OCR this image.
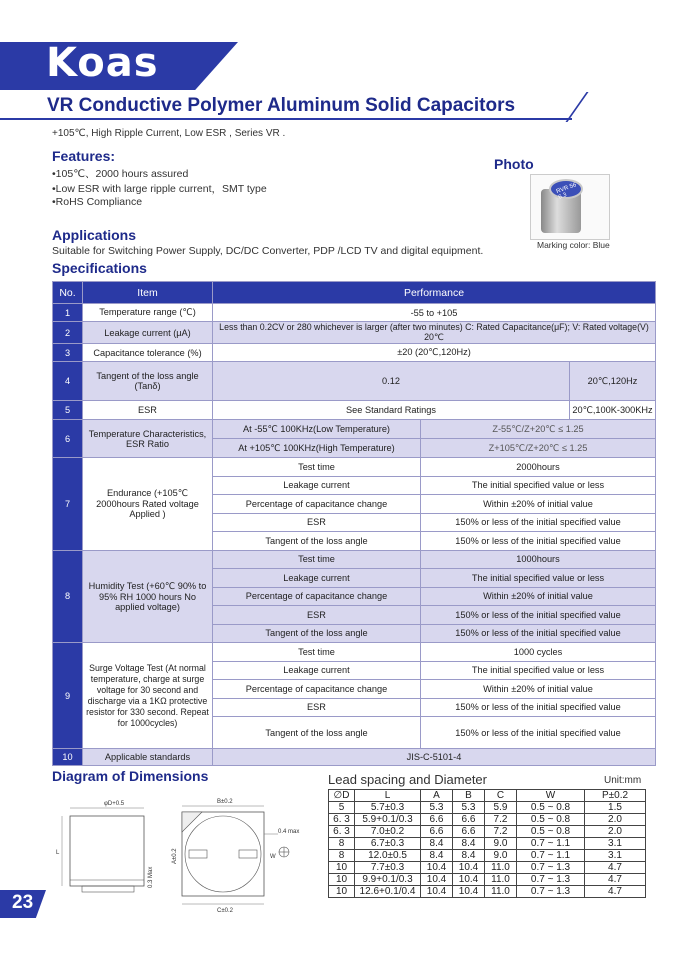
Koas
VR Conductive Polymer Aluminum Solid Capacitors
+105℃, High Ripple Current, Low ESR , Series VR .
Features:
•105℃、2000 hours assured
•Low ESR with large ripple current，SMT type
•RoHS Compliance
Photo
RVR 56 6.3
Marking color: Blue
Applications
Suitable for Switching Power Supply, DC/DC Converter, PDP /LCD TV and digital equipment.
Specifications
No.	Item	Performance		
1	Temperature range (℃)	-55 to +105		
2	Leakage current (μA)	Less than 0.2CV or 280 whichever is larger (after two minutes) C: Rated Capacitance(μF); V: Rated voltage(V) 20℃		
3	Capacitance tolerance (%)	±20 (20℃,120Hz)		
4	Tangent of the loss angle (Tanδ)	0.12		20℃,120Hz
5	ESR	See Standard Ratings		20℃,100K-300KHz
6	Temperature Characteristics, ESR Ratio	At -55℃ 100KHz(Low Temperature)	Z-55℃/Z+20℃ ≤ 1.25	
		At +105℃ 100KHz(High Temperature)	Z+105℃/Z+20℃ ≤ 1.25	
7	Endurance (+105℃ 2000hours Rated voltage Applied )	Test time	2000hours	
		Leakage current	The initial specified value or less	
		Percentage of capacitance change	Within ±20% of initial value	
		ESR	150% or less of the initial specified value	
		Tangent of the loss angle	150% or less of the initial specified value	
8	Humidity Test (+60℃ 90% to 95% RH 1000 hours No applied voltage)	Test time	1000hours	
		Leakage current	The initial specified value or less	
		Percentage of capacitance change	Within ±20% of initial value	
		ESR	150% or less of the initial specified value	
		Tangent of the loss angle	150% or less of the initial specified value	
9	Surge Voltage Test (At normal temperature, charge at surge voltage for 30 second and discharge via a 1KΩ protective resistor for 330 second. Repeat for 1000cycles)	Test time	1000 cycles	
		Leakage current	The initial specified value or less	
		Percentage of capacitance change	Within ±20% of initial value	
		ESR	150% or less of the initial specified value	
		Tangent of the loss angle	150% or less of the initial specified value	
10	Applicable standards	JIS-C-5101-4		
Diagram of Dimensions
φD+0.5
L
0.3 Max
B±0.2
C±0.2
A±0.2	W
0.4 max
Lead spacing and Diameter	Unit:mm
∅D	L	A	B	C	W	P±0.2
5	5.7±0.3	5.3	5.3	5.9	0.5 ~ 0.8	1.5
6. 3	5.9+0.1/0.3	6.6	6.6	7.2	0.5 ~ 0.8	2.0
6. 3	7.0±0.2	6.6	6.6	7.2	0.5 ~ 0.8	2.0
8	6.7±0.3	8.4	8.4	9.0	0.7 ~ 1.1	3.1
8	12.0±0.5	8.4	8.4	9.0	0.7 ~ 1.1	3.1
10	7.7±0.3	10.4	10.4	11.0	0.7 ~ 1.3	4.7
10	9.9+0.1/0.3	10.4	10.4	11.0	0.7 ~ 1.3	4.7
10	12.6+0.1/0.4	10.4	10.4	11.0	0.7 ~ 1.3	4.7
23
